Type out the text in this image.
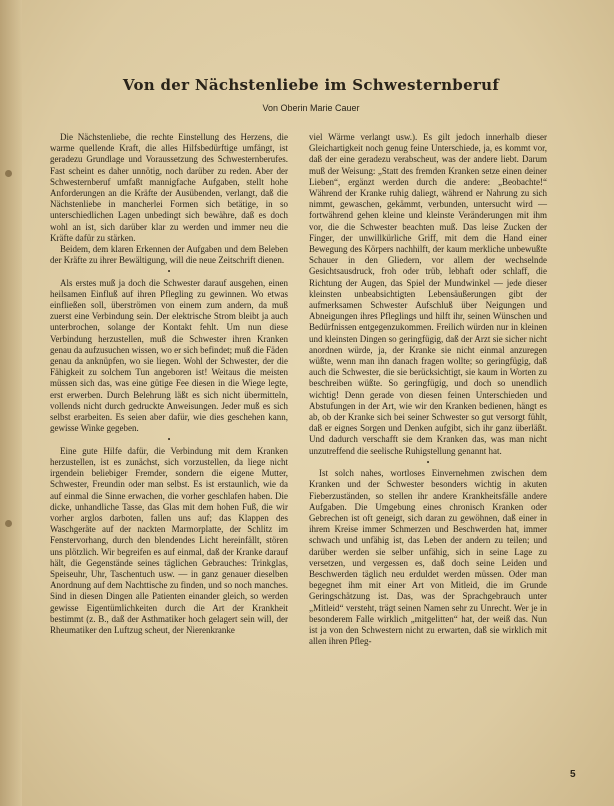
Von der Nächstenliebe im Schwesternberuf
Von Oberin Marie Cauer

Die Nächstenliebe, die rechte Einstellung des Herzens, die warme quellende Kraft, die alles Hilfsbedürftige umfängt, ist geradezu Grundlage und Voraussetzung des Schwesternberufes. Fast scheint es daher unnötig, noch darüber zu reden. Aber der Schwesternberuf umfaßt mannigfache Aufgaben, stellt hohe Anforderungen an die Kräfte der Ausübenden, verlangt, daß die Nächstenliebe in mancherlei Formen sich betätige, in so unterschiedlichen Lagen unbedingt sich bewähre, daß es doch wohl an ist, sich darüber klar zu werden und immer neu die Kräfte dafür zu stärken.

Beidem, dem klaren Erkennen der Aufgaben und dem Beleben der Kräfte zu ihrer Bewältigung, will die neue Zeitschrift dienen.

•

Als erstes muß ja doch die Schwester darauf ausgehen, einen heilsamen Einfluß auf ihren Pflegling zu gewinnen. Wo etwas einfließen soll, überströmen von einem zum andern, da muß zuerst eine Verbindung sein. Der elektrische Strom bleibt ja auch unterbrochen, solange der Kontakt fehlt. Um nun diese Verbindung herzustellen, muß die Schwester ihren Kranken genau da aufzusuchen wissen, wo er sich befindet; muß die Fäden genau da anknüpfen, wo sie liegen. Wohl der Schwester, der die Fähigkeit zu solchem Tun angeboren ist! Weitaus die meisten müssen sich das, was eine gütige Fee diesen in die Wiege legte, erst erwerben. Durch Belehrung läßt es sich nicht übermitteln, vollends nicht durch gedruckte Anweisungen. Jeder muß es sich selbst erarbeiten. Es seien aber dafür, wie dies geschehen kann, gewisse Winke gegeben.

•

Eine gute Hilfe dafür, die Verbindung mit dem Kranken herzustellen, ist es zunächst, sich vorzustellen, da liege nicht irgendein beliebiger Fremder, sondern die eigene Mutter, Schwester, Freundin oder man selbst. Es ist erstaunlich, wie da auf einmal die Sinne erwachen, die vorher geschlafen haben. Die dicke, unhandliche Tasse, das Glas mit dem hohen Fuß, die wir vorher arglos darboten, fallen uns auf; das Klappen des Waschgeräte auf der nackten Marmorplatte, der Schlitz im Fenstervorhang, durch den blendendes Licht hereinfällt, stören uns plötzlich. Wir begreifen es auf einmal, daß der Kranke darauf hält, die Gegenstände seines täglichen Gebrauches: Trinkglas, Speiseuhr, Uhr, Taschentuch usw. — in ganz genauer dieselben Anordnung auf dem Nachttische zu finden, und so noch manches. Sind in diesen Dingen alle Patienten einander gleich, so werden gewisse Eigentümlichkeiten durch die Art der Krankheit bestimmt (z. B., daß der Asthmatiker hoch gelagert sein will, der Rheumatiker den Luftzug scheut, der Nierenkranke

viel Wärme verlangt usw.). Es gilt jedoch innerhalb dieser Gleichartigkeit noch genug feine Unterschiede, ja, es kommt vor, daß der eine geradezu verabscheut, was der andere liebt. Darum muß der Weisung: „Statt des fremden Kranken setze einen deiner Lieben“, ergänzt werden durch die andere: „Beobachte!“ Während der Kranke ruhig daliegt, während er Nahrung zu sich nimmt, gewaschen, gekämmt, verbunden, untersucht wird — fortwährend gehen kleine und kleinste Veränderungen mit ihm vor, die die Schwester beachten muß. Das leise Zucken der Finger, der unwillkürliche Griff, mit dem die Hand einer Bewegung des Körpers nachhilft, der kaum merkliche unbewußte Schauer in den Gliedern, vor allem der wechselnde Gesichtsausdruck, froh oder trüb, lebhaft oder schlaff, die Richtung der Augen, das Spiel der Mundwinkel — jede dieser kleinsten unbeabsichtigten Lebensäußerungen gibt der aufmerksamen Schwester Aufschluß über Neigungen und Abneigungen ihres Pfleglings und hilft ihr, seinen Wünschen und Bedürfnissen entgegenzukommen. Freilich würden nur in kleinen und kleinsten Dingen so geringfügig, daß der Arzt sie sicher nicht anordnen würde, ja, der Kranke sie nicht einmal anzuregen wüßte, wenn man ihn danach fragen wollte; so geringfügig, daß auch die Schwester, die sie berücksichtigt, sie kaum in Worten zu beschreiben wüßte. So geringfügig, und doch so unendlich wichtig! Denn gerade von diesen feinen Unterschieden und Abstufungen in der Art, wie wir den Kranken bedienen, hängt es ab, ob der Kranke sich bei seiner Schwester so gut versorgt fühlt, daß er eignes Sorgen und Denken aufgibt, sich ihr ganz überläßt. Und dadurch verschafft sie dem Kranken das, was man nicht unzutreffend die seelische Ruhigstellung genannt hat.

•

Ist solch nahes, wortloses Einvernehmen zwischen dem Kranken und der Schwester besonders wichtig in akuten Fieberzuständen, so stellen ihr andere Krankheitsfälle andere Aufgaben. Die Umgebung eines chronisch Kranken oder Gebrechen ist oft geneigt, sich daran zu gewöhnen, daß einer in ihrem Kreise immer Schmerzen und Beschwerden hat, immer schwach und unfähig ist, das Leben der andern zu teilen; und darüber werden sie selber unfähig, sich in seine Lage zu versetzen, und vergessen es, daß doch seine Leiden und Beschwerden täglich neu erduldet werden müssen. Oder man begegnet ihm mit einer Art von Mitleid, die im Grunde Geringschätzung ist. Das, was der Sprachgebrauch unter „Mitleid“ versteht, trägt seinen Namen sehr zu Unrecht. Wer je in besonderem Falle wirklich „mitgelitten“ hat, der weiß das. Nun ist ja von den Schwestern nicht zu erwarten, daß sie wirklich mit allen ihren Pfleg-

5
